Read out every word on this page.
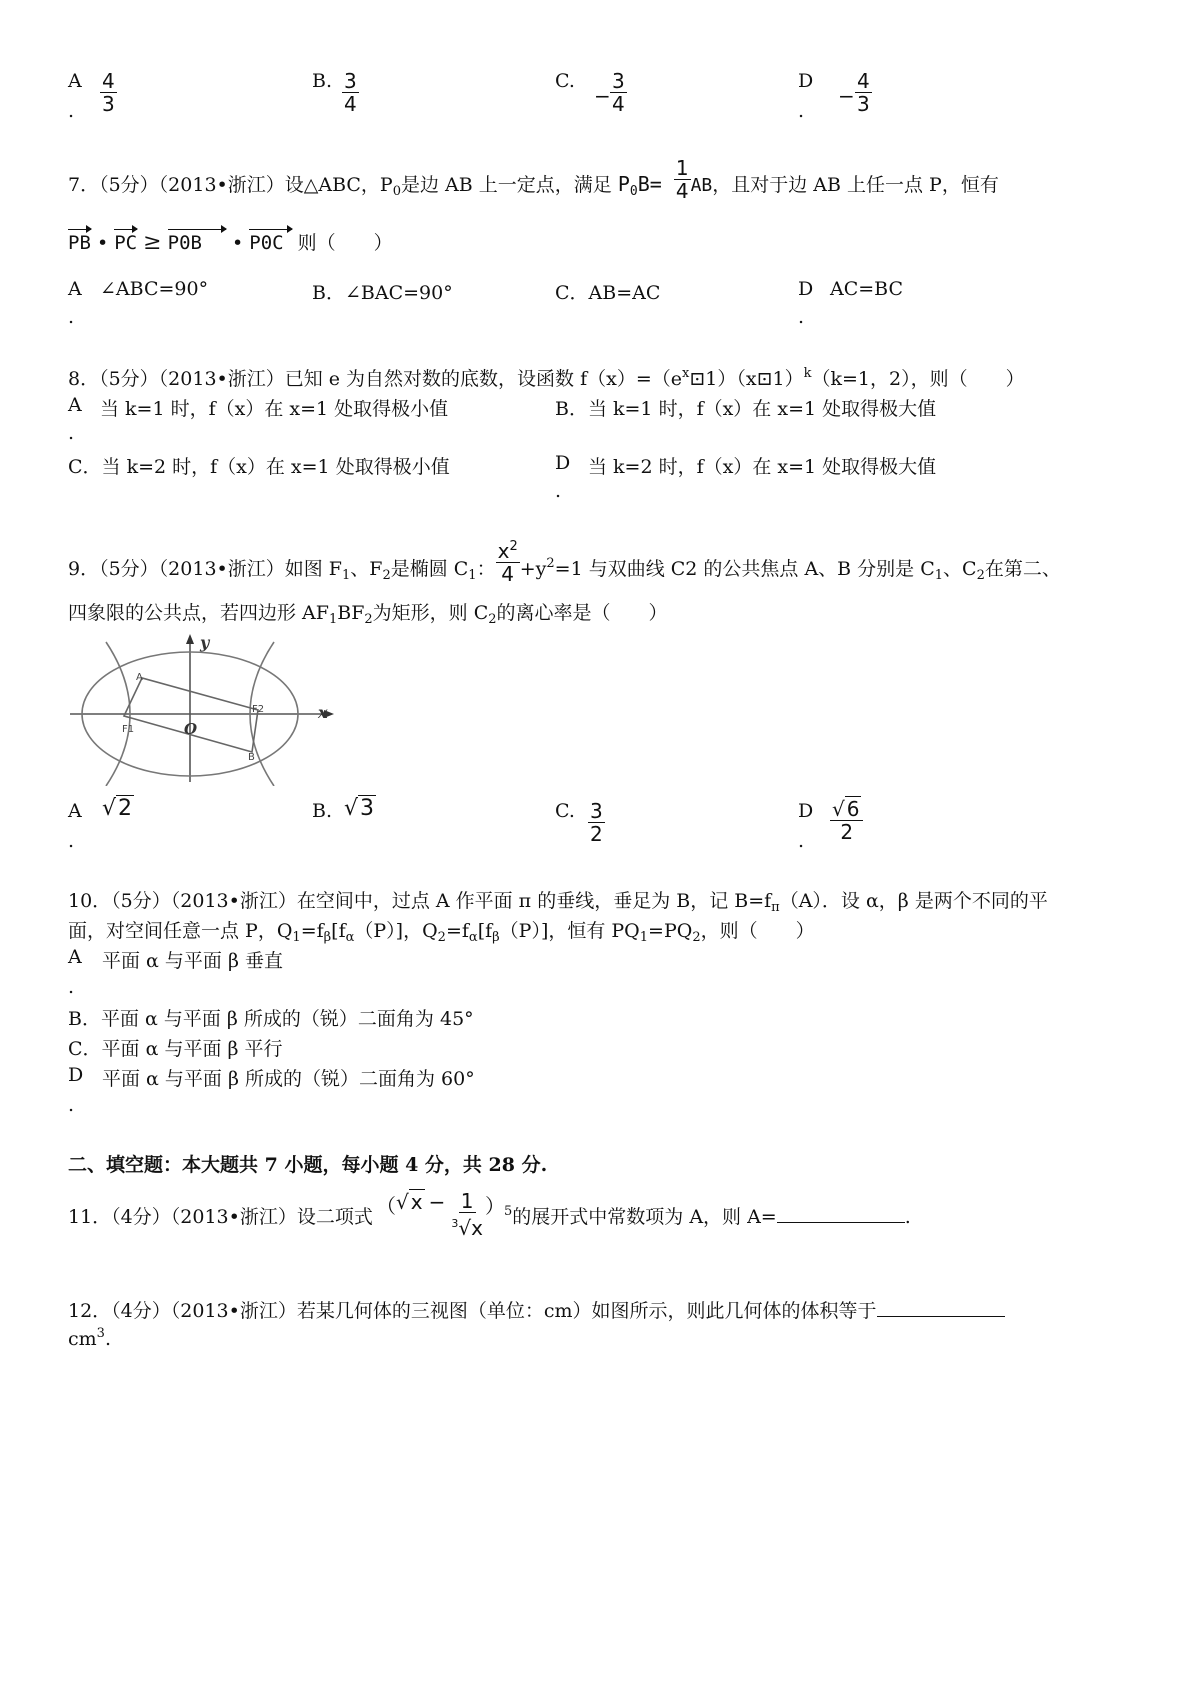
A
. $\frac{4}{3}$	B. $\frac{3}{4}$	C.
− $\frac{3}{4}$	D
.
− $\frac{4}{3}$
7．（5分）（2013•浙江）设△ABC，$P_0$是边 AB 上一定点，满足 $P_0B= \frac{1}{4}$ AB，且对于边 AB 上任一点 P，恒有
PB • PC ≥ P0B • P0C 则（　　）
A
.
∠ABC=90°	B．∠BAC=90°	C．AB=AC	D
.
AC=BC
8．（5分）（2013•浙江）已知 e 为自然对数的底数，设函数 $f(x)=(e^x⊡1)(x⊡1)^k(k=1$，2），则（　　）
A
.
当 k=1 时，f（x）在 x=1 处取得极小值	B．当 k=1 时，f（x）在 x=1 处取得极大值
C．当 k=2 时，f（x）在 x=1 处取得极小值	D
.
当 k=2 时，f（x）在 x=1 处取得极大值
9．（5分）（2013•浙江）如图 $F_1$、$F_2$是椭圆 $C_1$： $\frac{x^2}{4} +y^2=1$ 与双曲线 C2 的公共焦点 A、B 分别是 $C_1$、$C_2$在第二、
四象限的公共点，若四边形 $AF_1BF_2$为矩形，则 $C_2$的离心率是（　　）
y
x
A
F1
F2
O
B
A
.
√2	B. √3	C. $\frac{3}{2}$	D
. $\frac{√ 6}{2}$
10．（5分）（2013•浙江）在空间中，过点 A 作平面 π 的垂线，垂足为 B，记 $B=f_\pi(A)$．设 α，β 是两个不同的平
面，对空间任意一点 P，$Q_1=f_\beta[f_\alpha(P)]$，$Q_2=f_\alpha[f_\beta(P)]$，恒有 $PQ_1=PQ_2$，则（　　）
A
.
平面 α 与平面 β 垂直
B．平面 α 与平面 β 所成的（锐）二面角为 45°
C．平面 α 与平面 β 平行
D
.
平面 α 与平面 β 所成的（锐）二面角为 60°
二、填空题：本大题共 7 小题，每小题 4 分，共 28 分.
11．（4分）（2013•浙江）设二项式 （√ $x - \frac{1}{^3√x}$ ） $^5$的展开式中常数项为 A，则 A=	.
12．（4分）（2013•浙江）若某几何体的三视图（单位：cm）如图所示，则此几何体的体积等于
$cm^3$.
